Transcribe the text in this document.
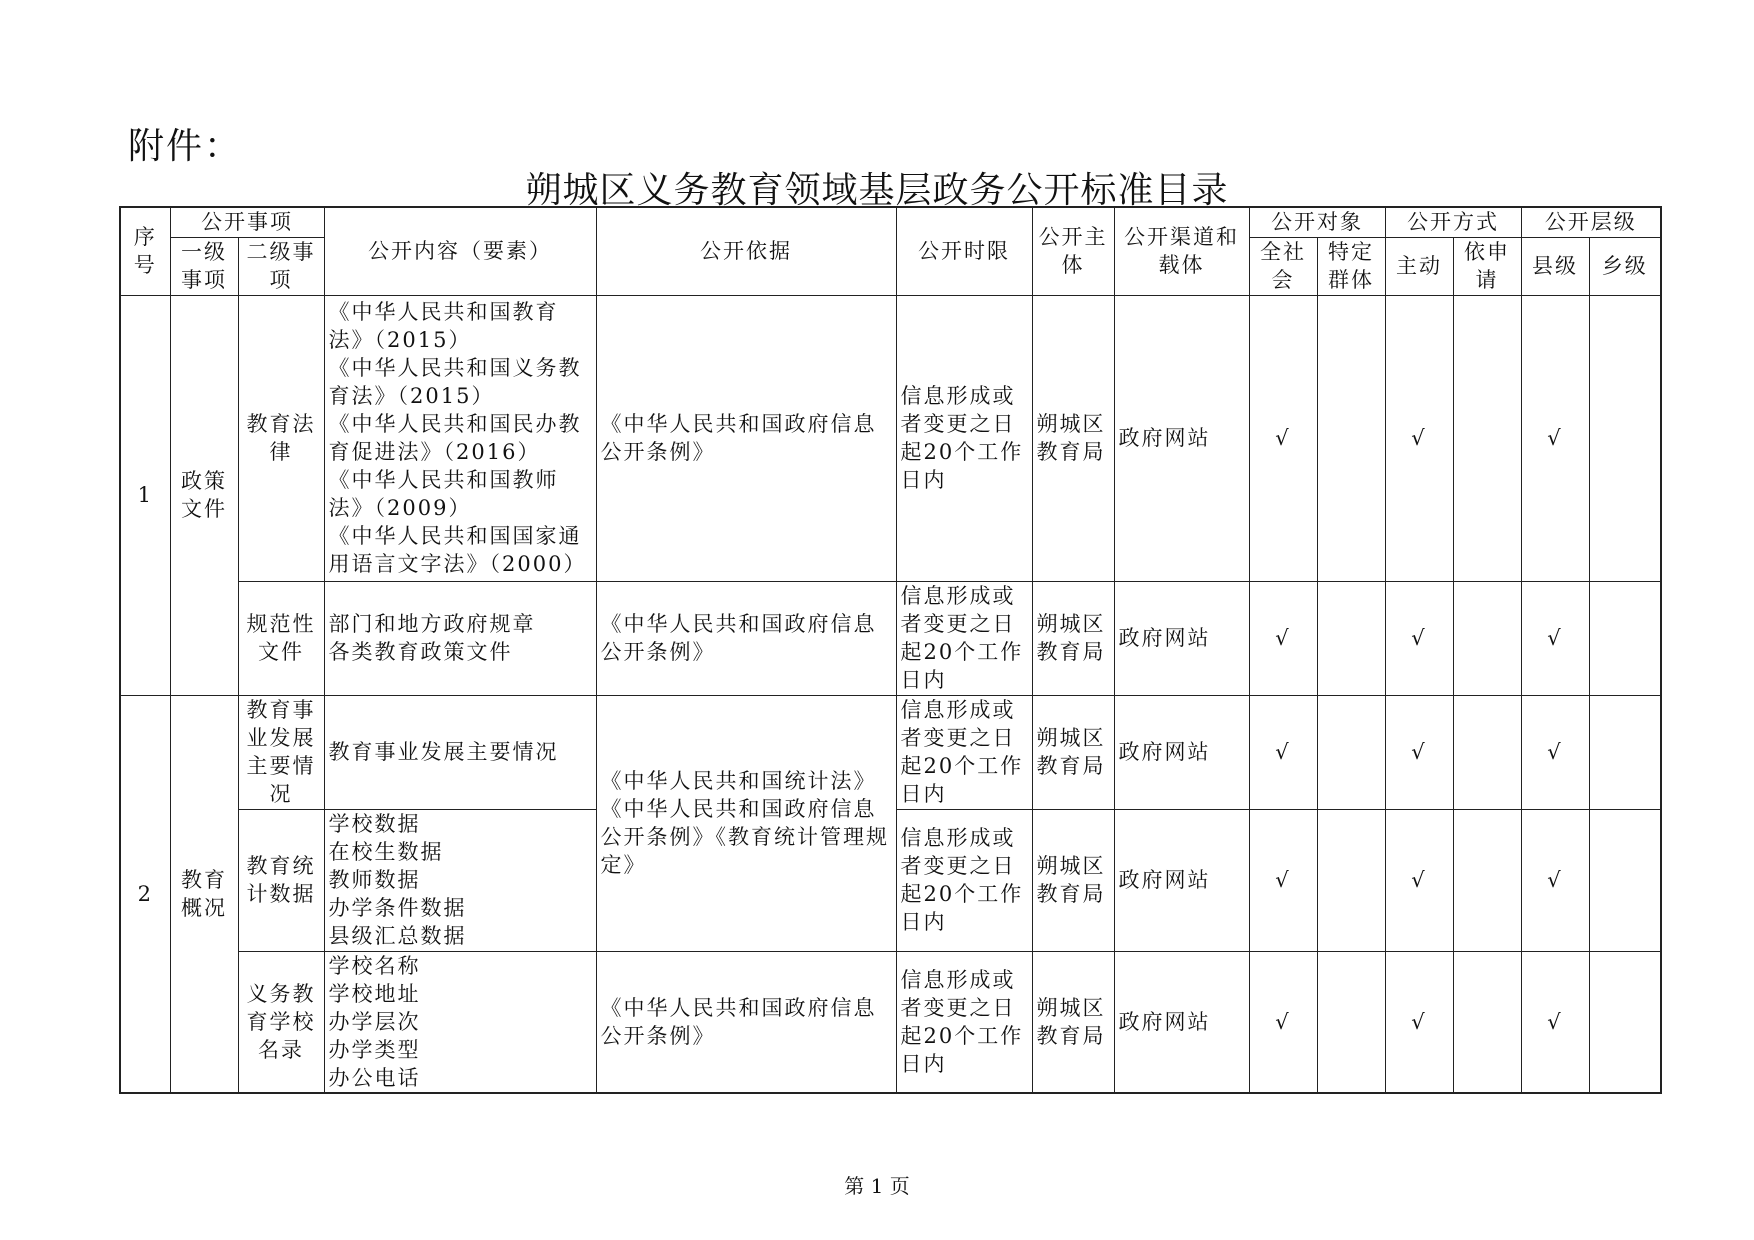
附件：
朔城区义务教育领域基层政务公开标准目录
序号	公开事项		公开内容（要素）	公开依据	公开时限	公开主体	公开渠道和载体	公开对象		公开方式		公开层级	
	一级事项	二级事项						全社会	特定群体	主动	依申请	县级	乡级
1	政策文件	教育法律	《中华人民共和国教育法》（2015）
《中华人民共和国义务教育法》（2015）
《中华人民共和国民办教育促进法》（2016）
《中华人民共和国教师法》（2009）
《中华人民共和国国家通用语言文字法》（2000）	《中华人民共和国政府信息公开条例》	信息形成或者变更之日起20个工作日内	朔城区教育局	政府网站	√		√		√	
		规范性文件	部门和地方政府规章
各类教育政策文件	《中华人民共和国政府信息公开条例》	信息形成或者变更之日起20个工作日内	朔城区教育局	政府网站	√		√		√	
2	教育概况	教育事业发展主要情况	教育事业发展主要情况	《中华人民共和国统计法》《中华人民共和国政府信息公开条例》《教育统计管理规定》	信息形成或者变更之日起20个工作日内	朔城区教育局	政府网站	√		√		√	
		教育统计数据	学校数据
在校生数据
教师数据
办学条件数据
县级汇总数据		信息形成或者变更之日起20个工作日内	朔城区教育局	政府网站	√		√		√	
		义务教育学校名录	学校名称
学校地址
办学层次
办学类型
办公电话	《中华人民共和国政府信息公开条例》	信息形成或者变更之日起20个工作日内	朔城区教育局	政府网站	√		√		√	
第 1 页
